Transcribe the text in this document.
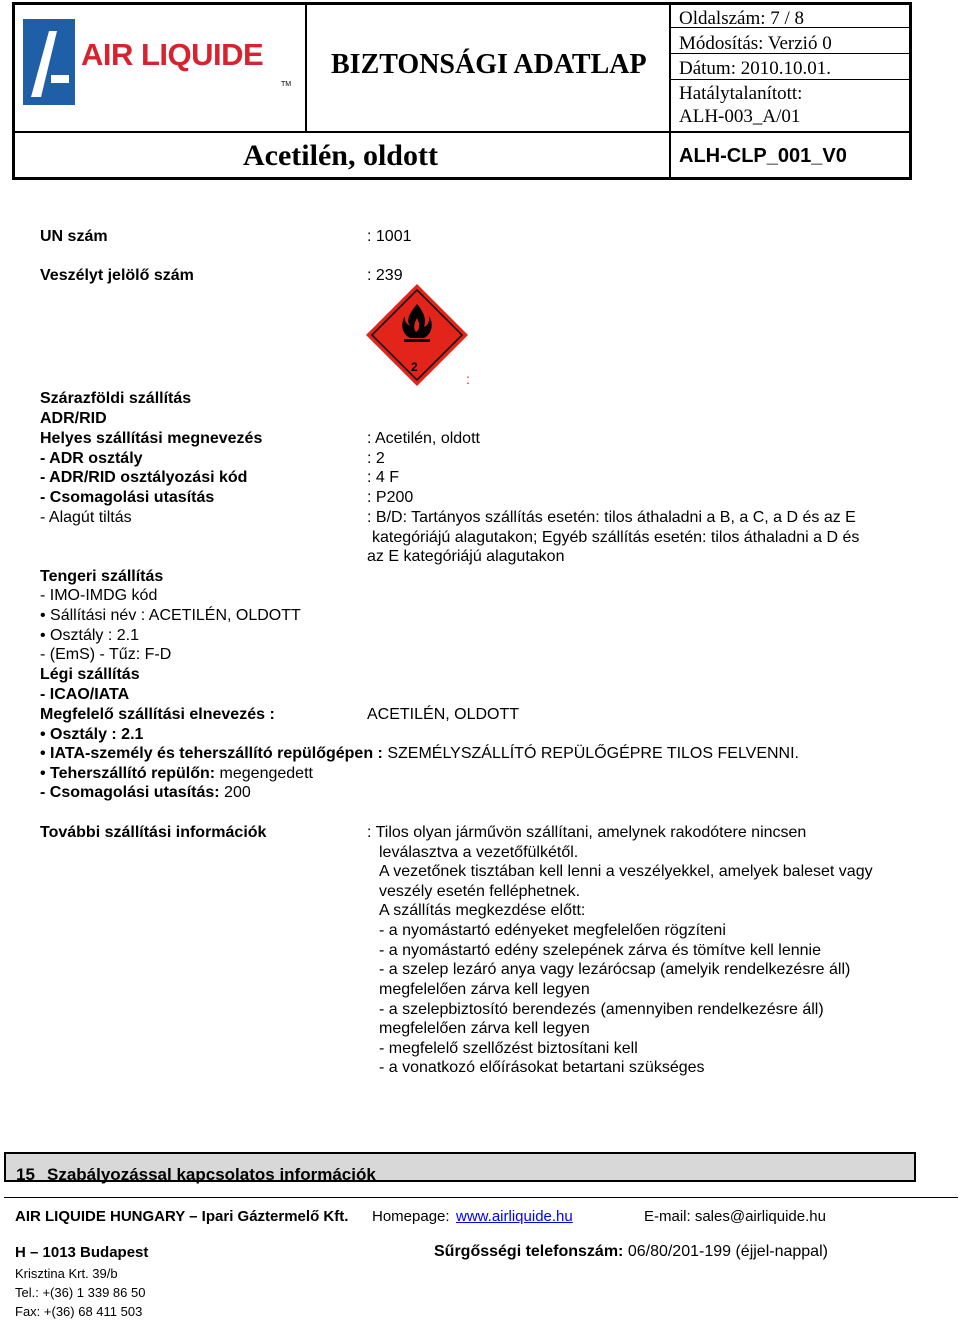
AIR LIQUIDE
TM
BIZTONSÁGI ADATLAP
Acetilén, oldott
Oldalszám: 7 / 8
Módosítás: Verzió 0
Dátum: 2010.10.01.
Hatálytalanított:
ALH-003_A/01
ALH-CLP_001_V0
UN szám	: 1001
Veszélyt jelölő szám	: 239
2
:
Szárazföldi szállítás
ADR/RID
Helyes szállítási megnevezés	: Acetilén, oldott
- ADR osztály	: 2
- ADR/RID osztályozási kód	: 4 F
- Csomagolási utasítás	: P200
- Alagút tiltás	: B/D: Tartányos szállítás esetén: tilos áthaladni a B, a C, a D és az E
kategóriájú alagutakon; Egyéb szállítás esetén: tilos áthaladni a D és
az E kategóriájú alagutakon
Tengeri szállítás
- IMO-IMDG kód
• Sállítási név : ACETILÉN, OLDOTT
• Osztály : 2.1
- (EmS) - Tűz: F-D
Légi szállítás
- ICAO/IATA
Megfelelő szállítási elnevezés :	ACETILÉN, OLDOTT
• Osztály : 2.1
• IATA-személy és teherszállító repülőgépen : SZEMÉLYSZÁLLÍTÓ REPÜLŐGÉPRE TILOS FELVENNI.
• Teherszállító repülőn: megengedett
- Csomagolási utasítás: 200
További szállítási információk	: Tilos olyan járművön szállítani, amelynek rakodótere nincsen
leválasztva a vezetőfülkétől.
A vezetőnek tisztában kell lenni a veszélyekkel, amelyek baleset vagy
veszély esetén felléphetnek.
A szállítás megkezdése előtt:
- a nyomástartó edényeket megfelelően rögzíteni
- a nyomástartó edény szelepének zárva és tömítve kell lennie
- a szelep lezáró anya vagy lezárócsap (amelyik rendelkezésre áll)
megfelelően zárva kell legyen
- a szelepbiztosító berendezés (amennyiben rendelkezésre áll)
megfelelően zárva kell legyen
- megfelelő szellőzést biztosítani kell
- a vonatkozó előírásokat betartani szükséges
15 Szabályozással kapcsolatos információk
AIR LIQUIDE HUNGARY – Ipari Gáztermelő Kft. Homepage: www.airliquide.hu	E-mail: sales@airliquide.hu
H – 1013 Budapest	Sűrgősségi telefonszám: 06/80/201-199 (éjjel-nappal)
Krisztina Krt. 39/b
Tel.: +(36) 1 339 86 50
Fax: +(36) 68 411 503
